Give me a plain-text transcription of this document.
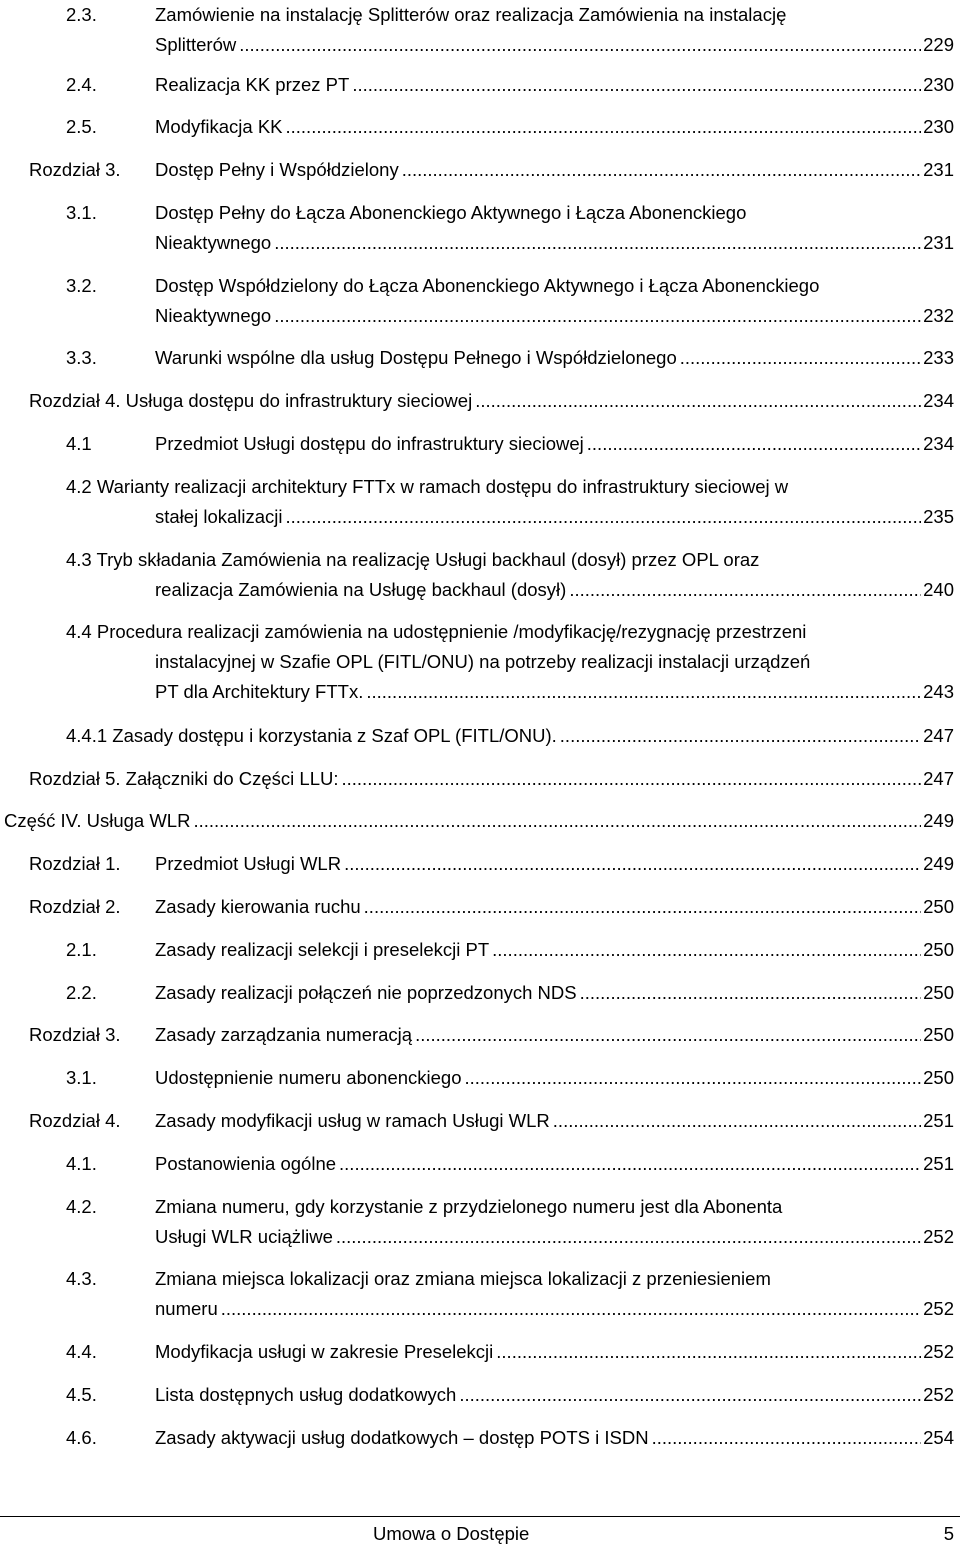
2.3.	Zamówienie na instalację Splitterów oraz realizacja Zamówienia na instalację
Splitterów .....	229
2.4.	Realizacja KK przez PT .....	230
2.5.	Modyfikacja KK .....	230
Rozdział 3. Dostęp Pełny i Współdzielony .....	231
3.1.	Dostęp Pełny do Łącza Abonenckiego Aktywnego i Łącza Abonenckiego
Nieaktywnego .....	231
3.2.	Dostęp Współdzielony do Łącza Abonenckiego Aktywnego i Łącza Abonenckiego
Nieaktywnego .....	232
3.3.	Warunki wspólne dla usług Dostępu Pełnego i Współdzielonego .....	233
Rozdział 4. Usługa dostępu do infrastruktury sieciowej .....	234
4.1	Przedmiot Usługi dostępu do infrastruktury sieciowej .....	234
4.2 Warianty realizacji architektury FTTx w ramach dostępu do infrastruktury sieciowej w
stałej lokalizacji .....	235
4.3 Tryb składania Zamówienia na realizację Usługi backhaul (dosył) przez OPL oraz
realizacja Zamówienia na Usługę backhaul (dosył) .....	240
4.4 Procedura realizacji zamówienia na udostępnienie /modyfikację/rezygnację przestrzeni
instalacyjnej w Szafie OPL (FITL/ONU) na potrzeby realizacji instalacji urządzeń
PT dla Architektury FTTx. .....	243
4.4.1 Zasady dostępu i korzystania z Szaf OPL (FITL/ONU). .....	247
Rozdział 5. Załączniki do Części LLU: .....	247
Część IV. Usługa WLR .....	249
Rozdział 1. Przedmiot Usługi WLR .....	249
Rozdział 2. Zasady kierowania ruchu .....	250
2.1.	Zasady realizacji selekcji i preselekcji PT .....	250
2.2.	Zasady realizacji połączeń nie poprzedzonych NDS .....	250
Rozdział 3. Zasady zarządzania numeracją .....	250
3.1.	Udostępnienie numeru abonenckiego .....	250
Rozdział 4. Zasady modyfikacji usług w ramach Usługi WLR .....	251
4.1.	Postanowienia ogólne .....	251
4.2.	Zmiana numeru, gdy korzystanie z przydzielonego numeru jest dla Abonenta
Usługi WLR uciążliwe .....	252
4.3.	Zmiana miejsca lokalizacji oraz zmiana miejsca lokalizacji z przeniesieniem
numeru .....	252
4.4.	Modyfikacja usługi w zakresie Preselekcji .....	252
4.5.	Lista dostępnych usług dodatkowych .....	252
4.6.	Zasady aktywacji usług dodatkowych – dostęp POTS i ISDN .....	254
Umowa o Dostępie	5
